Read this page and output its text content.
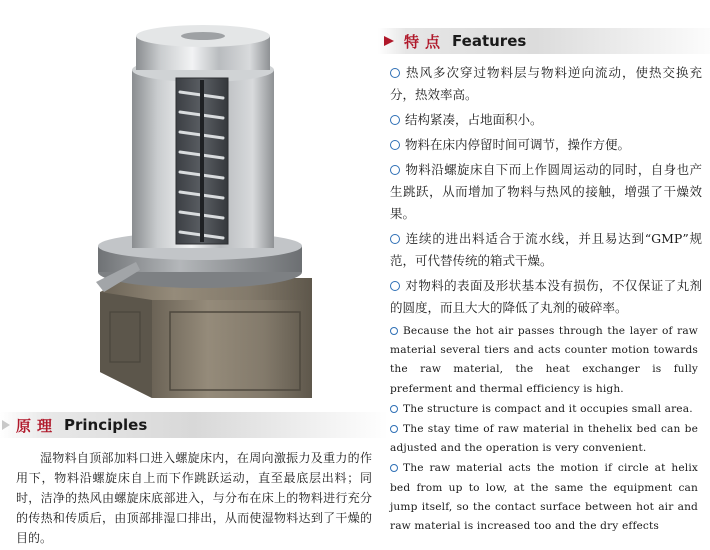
特点 Features
热风多次穿过物料层与物料逆向流动，使热交换充分，热效率高。
结构紧凑，占地面积小。
物料在床内停留时间可调节，操作方便。
物料沿螺旋床自下而上作圆周运动的同时，自身也产生跳跃，从而增加了物料与热风的接触，增强了干燥效果。
连续的进出料适合于流水线，并且易达到“GMP”规范，可代替传统的箱式干燥。
对物料的表面及形状基本没有损伤，不仅保证了丸剂的圆度，而且大大的降低了丸剂的破碎率。
Because the hot air passes through the layer of raw material several tiers and acts counter motion towards the raw material, the heat exchanger is fully preferment and thermal efficiency is high.
The structure is compact and it occupies small area.
The stay time of raw material in thehelix bed can be adjusted and the operation is very convenient.
The raw material acts the motion if circle at helix bed from up to low, at the same the equipment can jump itself, so the contact surface between hot air and raw material is increased too and the dry effects
原理 Principles

湿物料自顶部加料口进入螺旋床内，在周向激振力及重力的作用下，物料沿螺旋床自上而下作跳跃运动，直至最底层出料；同时，洁净的热风由螺旋床底部进入，与分布在床上的物料进行充分的传热和传质后，由顶部排湿口排出，从而使湿物料达到了干燥的目的。
